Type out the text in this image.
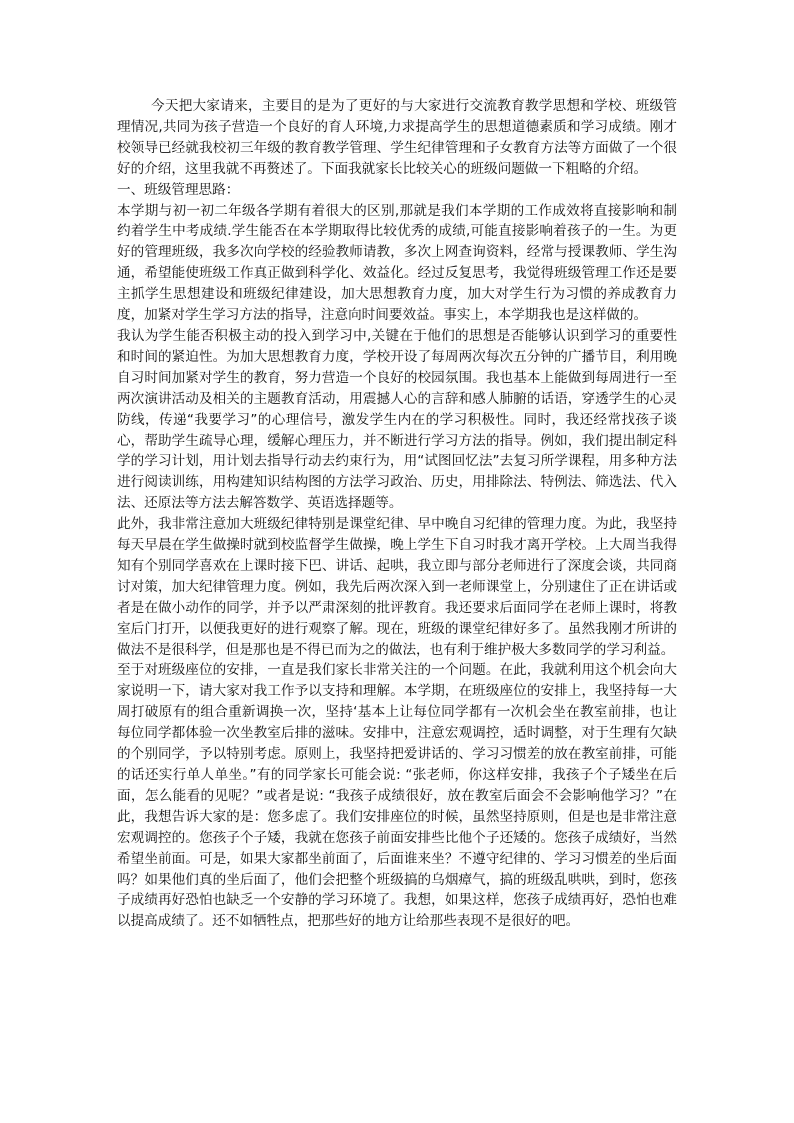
今天把大家请来，主要目的是为了更好的与大家进行交流教育教学思想和学校、班级管理情况,共同为孩子营造一个良好的育人环境,力求提高学生的思想道德素质和学习成绩。刚才校领导已经就我校初三年级的教育教学管理、学生纪律管理和子女教育方法等方面做了一个很好的介绍，这里我就不再赘述了。下面我就家长比较关心的班级问题做一下粗略的介绍。

一、班级管理思路：

本学期与初一初二年级各学期有着很大的区别,那就是我们本学期的工作成效将直接影响和制约着学生中考成绩.学生能否在本学期取得比较优秀的成绩,可能直接影响着孩子的一生。为更好的管理班级，我多次向学校的经验教师请教，多次上网查询资料，经常与授课教师、学生沟通，希望能使班级工作真正做到科学化、效益化。经过反复思考，我觉得班级管理工作还是要主抓学生思想建设和班级纪律建设，加大思想教育力度，加大对学生行为习惯的养成教育力度，加紧对学生学习方法的指导，注意向时间要效益。事实上，本学期我也是这样做的。

我认为学生能否积极主动的投入到学习中,关键在于他们的思想是否能够认识到学习的重要性和时间的紧迫性。为加大思想教育力度，学校开设了每周两次每次五分钟的广播节目，利用晚自习时间加紧对学生的教育，努力营造一个良好的校园氛围。我也基本上能做到每周进行一至两次演讲活动及相关的主题教育活动，用震撼人心的言辞和感人肺腑的话语，穿透学生的心灵防线，传递“我要学习”的心理信号，激发学生内在的学习积极性。同时，我还经常找孩子谈心，帮助学生疏导心理，缓解心理压力，并不断进行学习方法的指导。例如，我们提出制定科学的学习计划，用计划去指导行动去约束行为，用“试图回忆法”去复习所学课程，用多种方法进行阅读训练，用构建知识结构图的方法学习政治、历史，用排除法、特例法、筛选法、代入法、还原法等方法去解答数学、英语选择题等。

此外，我非常注意加大班级纪律特别是课堂纪律、早中晚自习纪律的管理力度。为此，我坚持每天早晨在学生做操时就到校监督学生做操，晚上学生下自习时我才离开学校。上大周当我得知有个别同学喜欢在上课时接下巴、讲话、起哄，我立即与部分老师进行了深度会谈，共同商讨对策，加大纪律管理力度。例如，我先后两次深入到一老师课堂上，分别逮住了正在讲话或者是在做小动作的同学，并予以严肃深刻的批评教育。我还要求后面同学在老师上课时，将教室后门打开，以便我更好的进行观察了解。现在，班级的课堂纪律好多了。虽然我刚才所讲的做法不是很科学，但是那也是不得已而为之的做法，也有利于维护极大多数同学的学习利益。

至于对班级座位的安排，一直是我们家长非常关注的一个问题。在此，我就利用这个机会向大家说明一下，请大家对我工作予以支持和理解。本学期，在班级座位的安排上，我坚持每一大周打破原有的组合重新调换一次，坚持‘基本上让每位同学都有一次机会坐在教室前排，也让每位同学都体验一次坐教室后排的滋味。安排中，注意宏观调控，适时调整，对于生理有欠缺的个别同学，予以特别考虑。原则上，我坚持把爱讲话的、学习习惯差的放在教室前排，可能的话还实行单人单坐。”有的同学家长可能会说: “张老师，你这样安排，我孩子个子矮坐在后面，怎么能看的见呢？”或者是说: “我孩子成绩很好，放在教室后面会不会影响他学习？”在此，我想告诉大家的是：您多虑了。我们安排座位的时候，虽然坚持原则，但是也是非常注意宏观调控的。您孩子个子矮，我就在您孩子前面安排些比他个子还矮的。您孩子成绩好，当然希望坐前面。可是，如果大家都坐前面了，后面谁来坐？不遵守纪律的、学习习惯差的坐后面吗？如果他们真的坐后面了，他们会把整个班级搞的乌烟瘴气，搞的班级乱哄哄，到时，您孩子成绩再好恐怕也缺乏一个安静的学习环境了。我想，如果这样，您孩子成绩再好，恐怕也难以提高成绩了。还不如牺牲点，把那些好的地方让给那些表现不是很好的吧。
